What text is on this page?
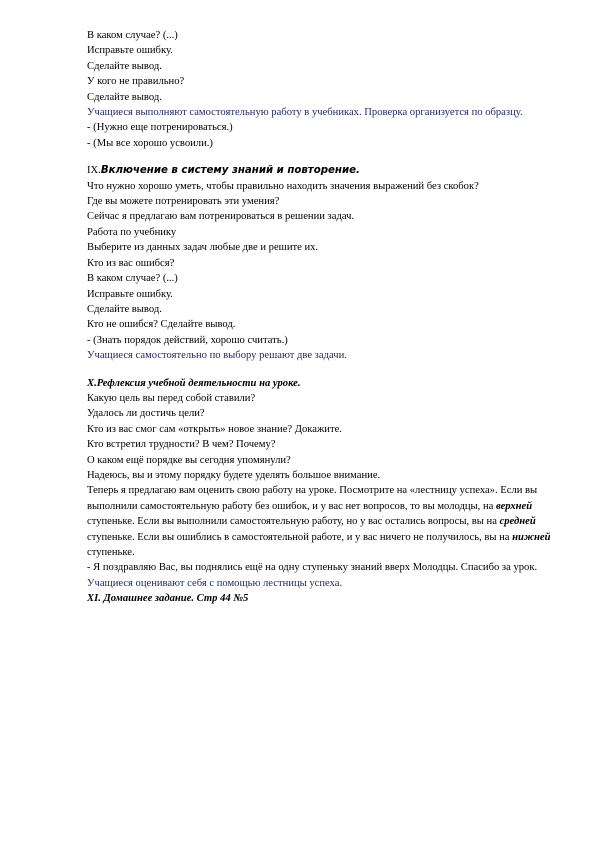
В каком случае? (...)
Исправьте ошибку.
Сделайте вывод.
У кого не правильно?
Сделайте вывод.
Учащиеся выполняют самостоятельную работу в учебниках. Проверка организуется по образцу.
- (Нужно еще потренироваться.)
- (Мы все хорошо усвоили.)
IX.Включение в систему знаний и повторение.
Что нужно хорошо уметь, чтобы правильно находить значения выражений без скобок?
Где вы можете потренировать эти умения?
Сейчас я предлагаю вам потренироваться в решении задач.
Работа по учебнику
Выберите из данных задач любые две и решите их.
Кто из вас ошибся?
В каком случае? (...)
Исправьте ошибку.
Сделайте вывод.
Кто не ошибся? Сделайте вывод.
- (Знать порядок действий, хорошо считать.)
Учащиеся самостоятельно по выбору решают две задачи.
X.Рефлексия учебной деятельности на уроке.
Какую цель вы перед собой ставили?
Удалось ли достичь цели?
Кто из вас смог сам «открыть» новое знание? Докажите.
Кто встретил трудности? В чем? Почему?
О каком ещё порядке вы сегодня упомянули?
Надеюсь, вы и этому порядку будете уделять большое внимание.
Теперь я предлагаю вам оценить свою работу на уроке. Посмотрите на «лестницу успеха». Если вы выполнили самостоятельную работу без ошибок, и у вас нет вопросов, то вы молодцы, на верхней ступеньке. Если вы выполнили самостоятельную работу, но у вас остались вопросы, вы на средней ступеньке. Если вы ошиблись в самостоятельной работе, и у вас ничего не получилось, вы на нижней ступеньке.
- Я поздравляю Вас, вы поднялись ещё на одну ступеньку знаний вверх Молодцы. Спасибо за урок.
Учащиеся оценивают себя с помощью лестницы успеха.
XI. Домашнее задание. Стр 44 №5
